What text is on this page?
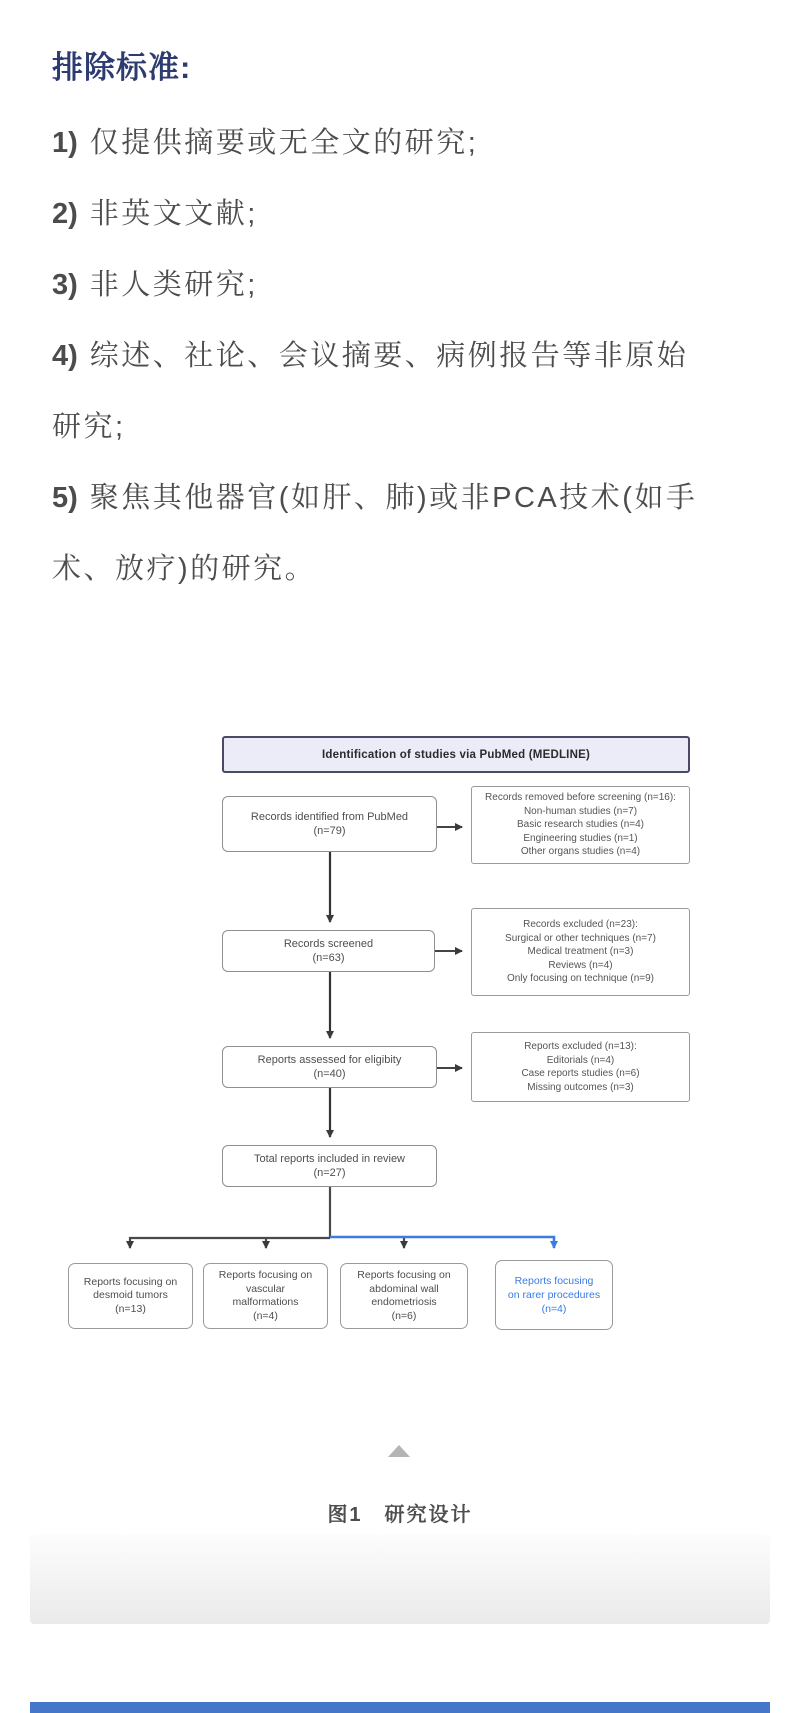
排除标准:
1) 仅提供摘要或无全文的研究;
2) 非英文文献;
3) 非人类研究;
4) 综述、社论、会议摘要、病例报告等非原始
研究;
5) 聚焦其他器官(如肝、肺)或非PCA技术(如手
术、放疗)的研究。
Identification of studies via PubMed (MEDLINE)
Records identified from PubMed
(n=79)
Records removed before screening (n=16):
Non-human studies (n=7)
Basic research studies (n=4)
Engineering studies (n=1)
Other organs studies (n=4)
Records screened
(n=63)
Records excluded (n=23):
Surgical or other techniques (n=7)
Medical treatment (n=3)
Reviews (n=4)
Only focusing on technique (n=9)
Reports assessed for eligibity
(n=40)
Reports excluded (n=13):
Editorials (n=4)
Case reports studies (n=6)
Missing outcomes (n=3)
Total reports included in review
(n=27)
Reports focusing on
desmoid tumors
(n=13)
Reports focusing on
vascular
malformations
(n=4)
Reports focusing on
abdominal wall
endometriosis
(n=6)
Reports focusing
on rarer procedures
(n=4)
图1　研究设计
